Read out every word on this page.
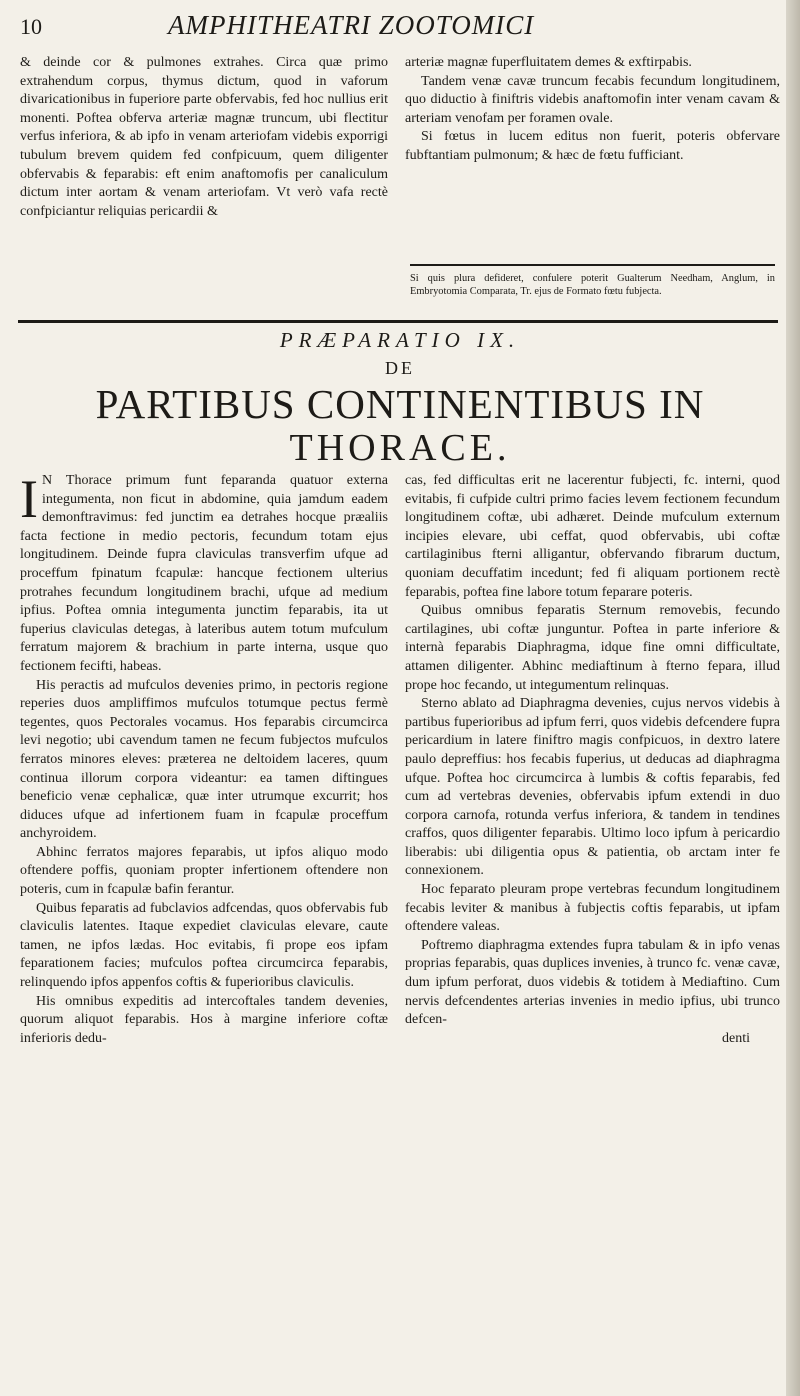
10	AMPHITHEATRI ZOOTOMICI

& deinde cor & pulmones extrahes. Circa quæ primo extrahendum corpus, thymus dictum, quod in vaforum divaricationibus in fuperiore parte obfervabis, fed hoc nullius erit monenti. Poftea obferva arteriæ magnæ truncum, ubi flectitur verfus inferiora, & ab ipfo in venam arteriofam videbis exporrigi tubulum brevem quidem fed confpicuum, quem diligenter obfervabis & feparabis: eft enim anaftomofis per canaliculum dictum inter aortam & venam arteriofam. Vt verò vafa rectè confpiciantur reliquias pericardii &

arteriæ magnæ fuperfluitatem demes & exftirpabis.

Tandem venæ cavæ truncum fecabis fecundum longitudinem, quo diductio à finiftris videbis anaftomofin inter venam cavam & arteriam venofam per foramen ovale.

Si fœtus in lucem editus non fuerit, poteris obfervare fubftantiam pulmonum; & hæc de fœtu fufficiant.

Si quis plura defideret, confulere poterit Gualterum Needham, Anglum, in Embryotomia Comparata, Tr. ejus de Formato fœtu fubjecta.
PRÆPARATIO IX.
DE
PARTIBUS CONTINENTIBUS IN
THORACE.

I N Thorace primum funt feparanda quatuor externa integumenta, non ficut in abdomine, quia jamdum eadem demonftravimus: fed junctim ea detrahes hocque præaliis facta fectione in medio pectoris, fecundum totam ejus longitudinem. Deinde fupra claviculas transverfim ufque ad proceffum fpinatum fcapulæ: hancque fectionem ulterius protrahes fecundum longitudinem brachi, ufque ad medium ipfius. Poftea omnia integumenta junctim feparabis, ita ut fuperius claviculas detegas, à lateribus autem totum mufculum ferratum majorem & brachium in parte interna, usque quo fectionem fecifti, habeas.

His peractis ad mufculos devenies primo, in pectoris regione reperies duos ampliffimos mufculos totumque pectus fermè tegentes, quos Pectorales vocamus. Hos feparabis circumcirca levi negotio; ubi cavendum tamen ne fecum fubjectos mufculos ferratos minores eleves: præterea ne deltoidem laceres, quum continua illorum corpora videantur: ea tamen diftingues beneficio venæ cephalicæ, quæ inter utrumque excurrit; hos diduces ufque ad infertionem fuam in fcapulæ proceffum anchyroidem.

Abhinc ferratos majores feparabis, ut ipfos aliquo modo oftendere poffis, quoniam propter infertionem oftendere non poteris, cum in fcapulæ bafin ferantur.

Quibus feparatis ad fubclavios adfcendas, quos obfervabis fub claviculis latentes. Itaque expediet claviculas elevare, caute tamen, ne ipfos lædas. Hoc evitabis, fi prope eos ipfam feparationem facies; mufculos poftea circumcirca feparabis, relinquendo ipfos appenfos coftis & fuperioribus claviculis.

His omnibus expeditis ad intercoftales tandem devenies, quorum aliquot feparabis. Hos à margine inferiore coftæ inferioris dedu-

cas, fed difficultas erit ne lacerentur fubjecti, fc. interni, quod evitabis, fi cufpide cultri primo facies levem fectionem fecundum longitudinem coftæ, ubi adhæret. Deinde mufculum externum incipies elevare, ubi ceffat, quod obfervabis, ubi coftæ cartilaginibus fterni alligantur, obfervando fibrarum ductum, quoniam decuffatim incedunt; fed fi aliquam portionem rectè feparabis, poftea fine labore totum feparare poteris.

Quibus omnibus feparatis Sternum removebis, fecundo cartilagines, ubi coftæ junguntur. Poftea in parte inferiore & internà feparabis Diaphragma, idque fine omni difficultate, attamen diligenter. Abhinc mediaftinum à fterno fepara, illud prope hoc fecando, ut integumentum relinquas.

Sterno ablato ad Diaphragma devenies, cujus nervos videbis à partibus fuperioribus ad ipfum ferri, quos videbis defcendere fupra pericardium in latere finiftro magis confpicuos, in dextro latere paulo depreffius: hos fecabis fuperius, ut deducas ad diaphragma ufque. Poftea hoc circumcirca à lumbis & coftis feparabis, fed cum ad vertebras devenies, obfervabis ipfum extendi in duo corpora carnofa, rotunda verfus inferiora, & tandem in tendines craffos, quos diligenter feparabis. Ultimo loco ipfum à pericardio liberabis: ubi diligentia opus & patientia, ob arctam inter fe connexionem.

Hoc feparato pleuram prope vertebras fecundum longitudinem fecabis leviter & manibus à fubjectis coftis feparabis, ut ipfam oftendere valeas.

Poftremo diaphragma extendes fupra tabulam & in ipfo venas proprias feparabis, quas duplices invenies, à trunco fc. venæ cavæ, dum ipfum perforat, duos videbis & totidem à Mediaftino. Cum nervis defcendentes arterias invenies in medio ipfius, ubi trunco defcen-

denti
